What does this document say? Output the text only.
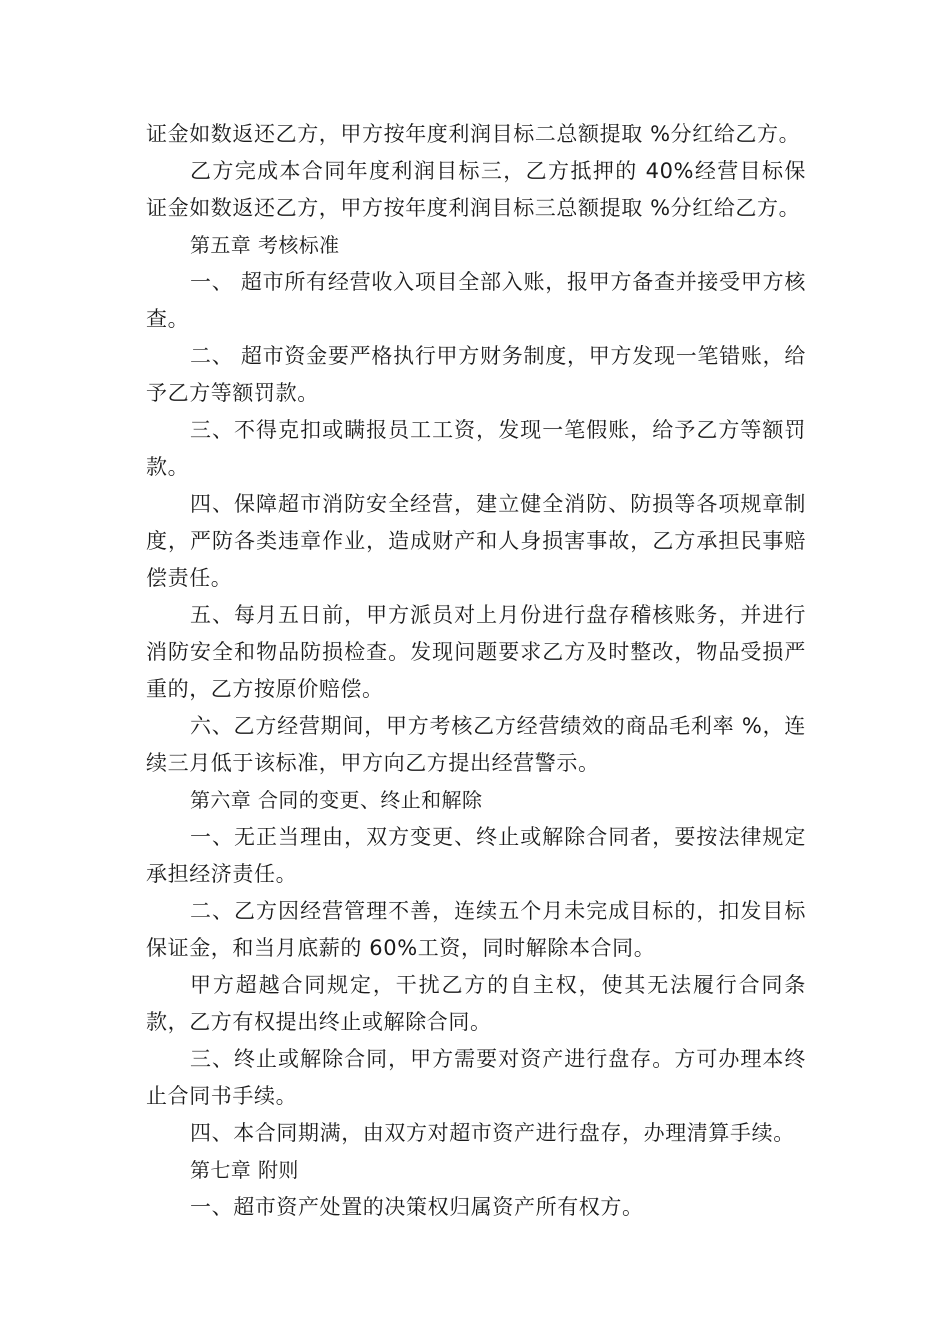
证金如数返还乙方，甲方按年度利润目标二总额提取 %分红给乙方。

乙方完成本合同年度利润目标三，乙方抵押的 40%经营目标保证金如数返还乙方，甲方按年度利润目标三总额提取 %分红给乙方。

第五章 考核标准

一、 超市所有经营收入项目全部入账，报甲方备查并接受甲方核查。

二、 超市资金要严格执行甲方财务制度，甲方发现一笔错账，给予乙方等额罚款。

三、不得克扣或瞒报员工工资，发现一笔假账，给予乙方等额罚款。

四、保障超市消防安全经营，建立健全消防、防损等各项规章制度，严防各类违章作业，造成财产和人身损害事故，乙方承担民事赔偿责任。

五、每月五日前，甲方派员对上月份进行盘存稽核账务，并进行消防安全和物品防损检查。发现问题要求乙方及时整改，物品受损严重的，乙方按原价赔偿。

六、乙方经营期间，甲方考核乙方经营绩效的商品毛利率 %，连续三月低于该标准，甲方向乙方提出经营警示。

第六章 合同的变更、终止和解除

一、无正当理由，双方变更、终止或解除合同者，要按法律规定承担经济责任。

二、乙方因经营管理不善，连续五个月未完成目标的，扣发目标保证金，和当月底薪的 60%工资，同时解除本合同。

甲方超越合同规定，干扰乙方的自主权，使其无法履行合同条款，乙方有权提出终止或解除合同。

三、终止或解除合同，甲方需要对资产进行盘存。方可办理本终止合同书手续。

四、本合同期满，由双方对超市资产进行盘存，办理清算手续。

第七章 附则

一、超市资产处置的决策权归属资产所有权方。
